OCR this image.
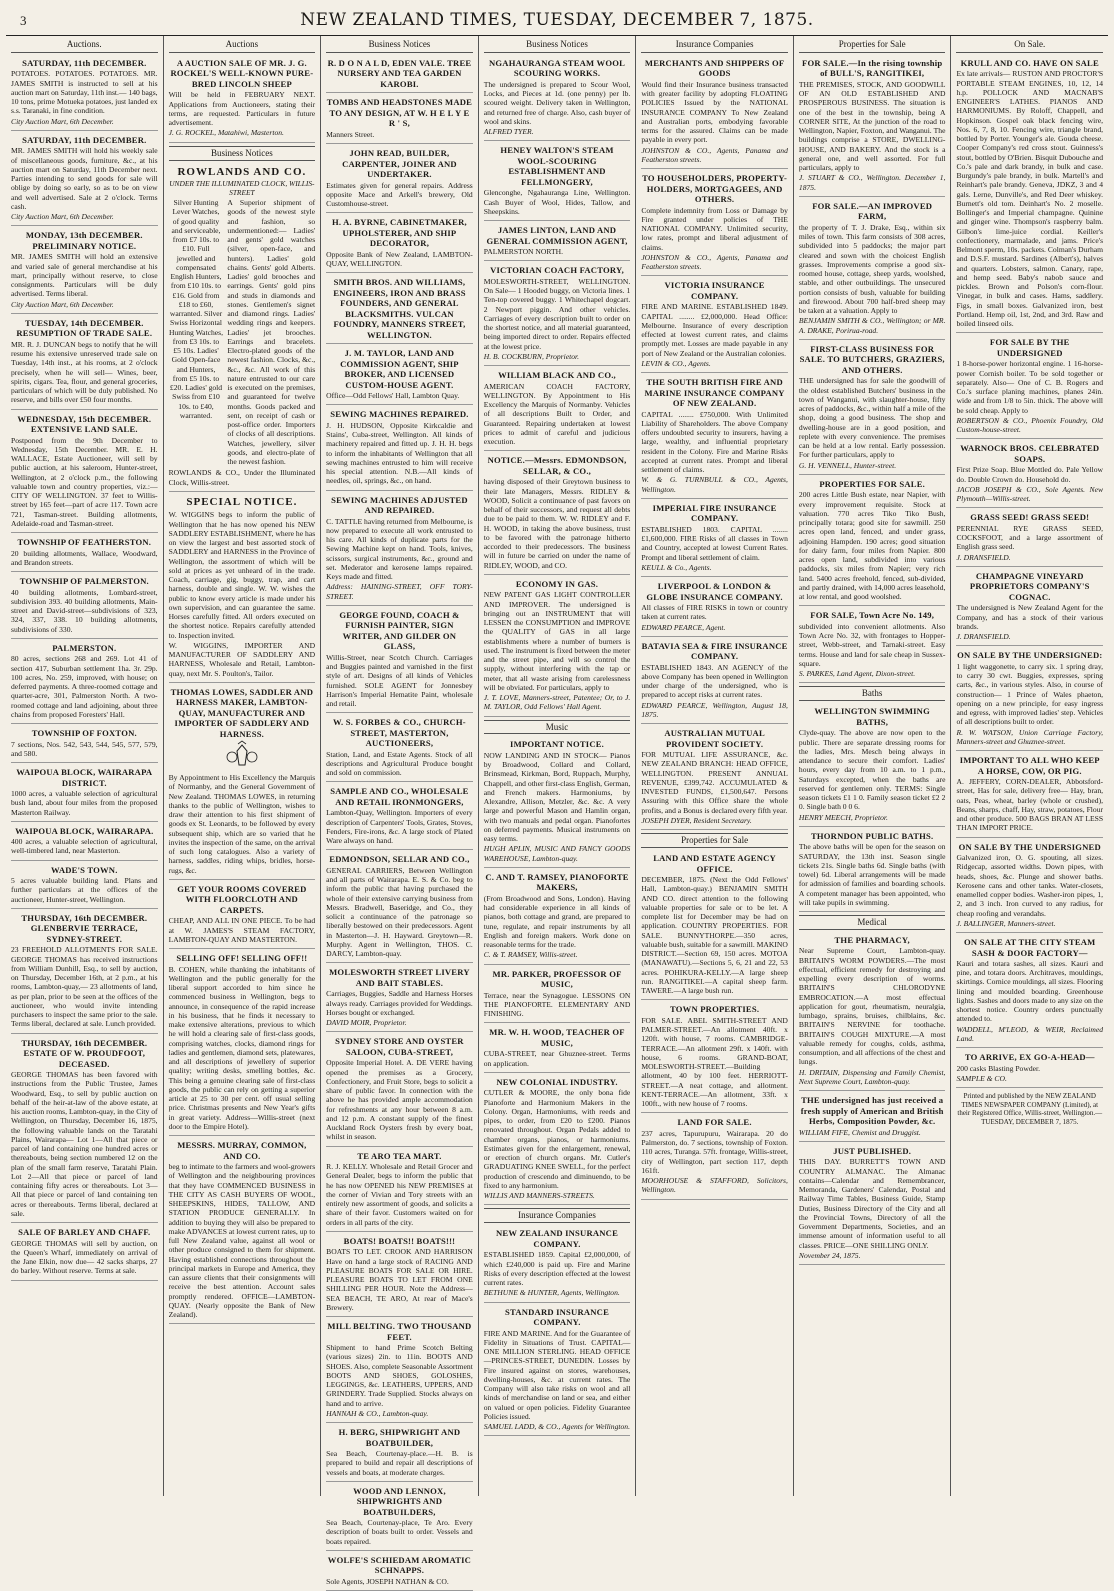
3	NEW ZEALAND TIMES, TUESDAY, DECEMBER 7, 1875.
Auctions.
SATURDAY, 11th DECEMBER.

POTATOES. POTATOES. POTATOES. MR. JAMES SMITH is instructed to sell at his auction mart on Saturday, 11th inst.— 140 bags, 10 tons, prime Motueka potatoes, just landed ex s.s. Taranaki, in fine condition.

City Auction Mart, 6th December.

SATURDAY, 11th DECEMBER.

MR. JAMES SMITH will hold his weekly sale of miscellaneous goods, furniture, &c., at his auction mart on Saturday, 11th December next. Parties intending to send goods for sale will oblige by doing so early, so as to be on view and well advertised. Sale at 2 o'clock. Terms cash.

City Auction Mart, 6th December.

MONDAY, 13th DECEMBER. PRELIMINARY NOTICE.

MR. JAMES SMITH will hold an extensive and varied sale of general merchandise at his mart, principally without reserve, to close consignments. Particulars will be duly advertised. Terms liberal.

City Auction Mart, 6th December.

TUESDAY, 14th DECEMBER. RESUMPTION OF TRADE SALE.

MR. R. J. DUNCAN begs to notify that he will resume his extensive unreserved trade sale on Tuesday, 14th inst., at his rooms, at 2 o'clock precisely, when he will sell— Wines, beer, spirits, cigars. Tea, flour, and general groceries, particulars of which will be duly published. No reserve, and bills over £50 four months.

WEDNESDAY, 15th DECEMBER. EXTENSIVE LAND SALE.

Postponed from the 9th December to Wednesday, 15th December. MR. E. H. WALLACE, Estate Auctioneer, will sell by public auction, at his saleroom, Hunter-street, Wellington, at 2 o'clock p.m., the following valuable town and country properties, viz.:— CITY OF WELLINGTON. 37 feet to Willis-street by 165 feet—part of acre 117. Town acre 721, Tasman-street. Building allotments, Adelaide-road and Tasman-street.

TOWNSHIP OF FEATHERSTON.

20 building allotments, Wallace, Woodward, and Brandon streets.

TOWNSHIP OF PALMERSTON.

40 building allotments, Lombard-street, subdivision 393. 40 building allotments, Main-street and David-street—subdivisions of 323, 324, 337, 338. 10 building allotments, subdivisions of 330.

PALMERSTON.

80 acres, sections 268 and 269. Lot 41 of section 417, Suburban settlement 1ha. 3r. 29p. 100 acres, No. 259, improved, with house; on deferred payments. A three-roomed cottage and quarter-acre, 301, Palmerston North. A two-roomed cottage and land adjoining, about three chains from proposed Foresters' Hall.

TOWNSHIP OF FOXTON.

7 sections, Nos. 542, 543, 544, 545, 577, 579, and 580.

WAIPOUA BLOCK, WAIRARAPA DISTRICT.

1000 acres, a valuable selection of agricultural bush land, about four miles from the proposed Masterton Railway.

WAIPOUA BLOCK, WAIRARAPA.

400 acres, a valuable selection of agricultural, well-timbered land, near Masterton.

WADE'S TOWN.

5 acres valuable building land. Plans and further particulars at the offices of the auctioneer, Hunter-street, Wellington.

THURSDAY, 16th DECEMBER. GLENBERVIE TERRACE, SYDNEY-STREET.

23 FREEHOLD ALLOTMENTS FOR SALE. GEORGE THOMAS has received instructions from William Dunhill, Esq., to sell by auction, on Thursday, December 16th, at 2 p.m., at his rooms, Lambton-quay,— 23 allotments of land, as per plan, prior to be seen at the offices of the auctioneer, who would invite intending purchasers to inspect the same prior to the sale. Terms liberal, declared at sale. Lunch provided.

THURSDAY, 16th DECEMBER. ESTATE OF W. PROUDFOOT, DECEASED.

GEORGE THOMAS has been favored with instructions from the Public Trustee, James Woodward, Esq., to sell by public auction on behalf of the heir-at-law of the above estate, at his auction rooms, Lambton-quay, in the City of Wellington, on Thursday, December 16, 1875, the following valuable lands on the Taratahi Plains, Wairarapa— Lot 1—All that piece or parcel of land containing one hundred acres or thereabouts, being section numbered 12 on the plan of the small farm reserve, Taratahi Plain. Lot 2—All that piece or parcel of land containing fifty acres or thereabouts. Lot 3—All that piece or parcel of land containing ten acres or thereabouts. Terms liberal, declared at sale.

SALE OF BARLEY AND CHAFF.

GEORGE THOMAS will sell by auction, on the Queen's Wharf, immediately on arrival of the Jane Elkin, now due— 42 sacks sharps, 27 do barley. Without reserve. Terms at sale.

Auctions
A AUCTION SALE OF MR. J. G. ROCKEL'S WELL-KNOWN PURE-BRED LINCOLN SHEEP

Will be held in FEBRUARY NEXT. Applications from Auctioneers, stating their terms, are requested. Particulars in future advertisement.

J. G. ROCKEL, Matahiwi, Masterton.

Business Notices
ROWLANDS AND CO.
UNDER THE ILLUMINATED CLOCK, WILLIS-STREET

Silver Hunting Lever Watches, of good quality and serviceable, from £7 10s. to £10. Full jewelled and compensated English Hunters, from £10 10s. to £16. Gold from £18 to £60, warranted. Silver Swiss Horizontal Hunting Watches, from £3 10s. to £5 10s. Ladies' Gold Open-face and Hunters, from £5 10s. to £20. Ladies' gold Swiss from £10 10s. to £40, warranted.

A Superior shipment of goods of the newest style and fashion, so undermentioned:— Ladies' and gents' gold watches (silver, open-face, and hunters). Ladies' gold chains. Gents' gold Alberts. Ladies' gold brooches and earrings. Gents' gold pins and studs in diamonds and stones. Gentlemen's signet and diamond rings. Ladies' wedding rings and keepers. Ladies' jet brooches. Earrings and bracelets. Electro-plated goods of the newest fashion. Clocks, &c., &c., &c. All work of this nature entrusted to our care is executed on the premises, and guaranteed for twelve months. Goods packed and sent, on receipt of cash or post-office order. Importers of clocks of all descriptions. Watches, jewellery, silver goods, and electro-plate of the newest fashion.

ROWLANDS & CO., Under the Illuminated Clock, Willis-street.

SPECIAL NOTICE.

W. WIGGINS begs to inform the public of Wellington that he has now opened his NEW SADDLERY ESTABLISHMENT, where he has on view the largest and best assorted stock of SADDLERY and HARNESS in the Province of Wellington, the assortment of which will be sold at prices as yet unheard of in the trade. Coach, carriage, gig, buggy, trap, and cart harness, double and single. W. W. wishes the public to know every article is made under his own supervision, and can guarantee the same. Horses carefully fitted. All orders executed on the shortest notice. Repairs carefully attended to. Inspection invited.

W. WIGGINS, IMPORTER AND MANUFACTURER OF SADDLERY AND HARNESS, Wholesale and Retail, Lambton-quay, next Mr. S. Poulton's, Tailor.

THOMAS LOWES, SADDLER AND HARNESS MAKER, LAMBTON-QUAY, MANUFACTURER AND IMPORTER OF SADDLERY AND HARNESS.

By Appointment to His Excellency the Marquis of Normanby, and the General Government of New Zealand. THOMAS LOWES, in returning thanks to the public of Wellington, wishes to draw their attention to his first shipment of goods ex St. Leonards, to be followed by every subsequent ship, which are so varied that he invites the inspection of the same, on the arrival of such long catalogues. Also a variety of harness, saddles, riding whips, bridles, horse-rugs, &c.

GET YOUR ROOMS COVERED WITH FLOORCLOTH AND CARPETS.

CHEAP, AND ALL IN ONE PIECE. To be had at W. JAMES'S STEAM FACTORY, LAMBTON-QUAY AND MASTERTON.

SELLING OFF! SELLING OFF!!

B. COHEN, while thanking the inhabitants of Wellington and the public generally for the liberal support accorded to him since he commenced business in Wellington, begs to announce, in consequence of the rapid increase in his business, that he finds it necessary to make extensive alterations, previous to which he will hold a clearing sale of first-class goods, comprising watches, clocks, diamond rings for ladies and gentlemen, diamond sets, platewares, and all descriptions of jewellery of superior quality; writing desks, smelling bottles, &c. This being a genuine clearing sale of first-class goods, the public can rely on getting a superior article at 25 to 30 per cent. off usual selling price. Christmas presents and New Year's gifts in great variety. Address—Willis-street (next door to the Empire Hotel).

MESSRS. MURRAY, COMMON, AND CO.

beg to intimate to the farmers and wool-growers of Wellington and the neighbouring provinces that they have COMMENCED BUSINESS in THE CITY AS CASH BUYERS OF WOOL, SHEEPSKINS, HIDES, TALLOW, AND STATION PRODUCE GENERALLY. In addition to buying they will also be prepared to make ADVANCES at lowest current rates, up to full New Zealand value, against all wool or other produce consigned to them for shipment. Having established connections throughout the principal markets in Europe and America, they can assure clients that their consignments will receive the best attention. Account sales promptly rendered. OFFICE—LAMBTON-QUAY. (Nearly opposite the Bank of New Zealand).

Business Notices
R. D O N A L D, EDEN VALE. TREE NURSERY AND TEA GARDEN KAROBI.
TOMBS AND HEADSTONES MADE TO ANY DESIGN, AT W. H E L Y E R ' S,

Manners Street.

JOHN READ, BUILDER, CARPENTER, JOINER AND UNDERTAKER.

Estimates given for general repairs. Address opposite Mace and Arkell's brewery, Old Customhouse-street.

H. A. BYRNE, CABINETMAKER, UPHOLSTERER, AND SHIP DECORATOR,

Opposite Bank of New Zealand, LAMBTON-QUAY, WELLINGTON.

SMITH BROS. AND WILLIAMS, ENGINEERS, IRON AND BRASS FOUNDERS, AND GENERAL BLACKSMITHS. VULCAN FOUNDRY, MANNERS STREET, WELLINGTON.
J. M. TAYLOR, LAND AND COMMISSION AGENT, SHIP BROKER, AND LICENSED CUSTOM-HOUSE AGENT.

Office—Odd Fellows' Hall, Lambton Quay.

SEWING MACHINES REPAIRED.

J. H. HUDSON, Opposite Kirkcaldie and Stains', Cuba-street, Wellington. All kinds of machinery repaired and fitted up. J. H. H. begs to inform the inhabitants of Wellington that all sewing machines entrusted to him will receive his special attention. N.B.—All kinds of needles, oil, springs, &c., on hand.

SEWING MACHINES ADJUSTED AND REPAIRED.

C. TATTLE having returned from Melbourne, is now prepared to execute all work entrusted to his care. All kinds of duplicate parts for the Sewing Machine kept on hand. Tools, knives, scissors, surgical instruments, &c., ground and set. Mederator and kerosene lamps repaired. Keys made and fitted.

Address: HAINING-STREET, OFF TORY-STREET.

GEORGE FOUND, COACH & FURNISH PAINTER, SIGN WRITER, AND GILDER ON GLASS,

Willis-Street, near Scotch Church. Carriages and Buggies painted and varnished in the first style of art. Designs of all kinds of Vehicles furnished. SOLE AGENT for Jonnesbey Harrison's Imperial Hematite Paint, wholesale and retail.

W. S. FORBES & CO., CHURCH-STREET, MASTERTON, AUCTIONEERS,

Station, Land, and Estate Agents. Stock of all descriptions and Agricultural Produce bought and sold on commission.

SAMPLE AND CO., WHOLESALE AND RETAIL IRONMONGERS,

Lambton-Quay, Wellington. Importers of every description of Carpenters' Tools, Grates, Stoves, Fenders, Fire-irons, &c. A large stock of Plated Ware always on hand.

EDMONDSON, SELLAR AND CO.,

GENERAL CARRIERS, Between Wellington and all parts of Wairarapa. E. S. & Co. beg to inform the public that having purchased the whole of their extensive carrying business from Messrs. Bradwell, Baseridge, and Co., they solicit a continuance of the patronage so liberally bestowed on their predecessors. Agent in Masterton—J. H. Hayward. Greytown—R. Murphy. Agent in Wellington, THOS. C. DARCY, Lambton-quay.

MOLESWORTH STREET LIVERY AND BAIT STABLES.

Carriages, Buggies, Saddle and Harness Horses always ready. Carriages provided for Weddings. Horses bought or exchanged.

DAVID MOIR, Proprietor.

SYDNEY STORE AND OYSTER SALOON, CUBA-STREET,

Opposite Imperial Hotel. A. DE VERE having opened the premises as a Grocery, Confectionery, and Fruit Store, begs to solicit a share of public favor. In connection with the above he has provided ample accommodation for refreshments at any hour between 8 a.m. and 12 p.m. A constant supply of the finest Auckland Rock Oysters fresh by every boat, whilst in season.

TE ARO TEA MART.

R. J. KELLY. Wholesale and Retail Grocer and General Dealer, begs to inform the public that he has now OPENED his NEW PREMISES at the corner of Vivian and Tory streets with an entirely new assortment of goods, and solicits a share of their favor. Customers waited on for orders in all parts of the city.

BOATS! BOATS!! BOATS!!!

BOATS TO LET. CROOK AND HARRISON Have on hand a large stock of RACING AND PLEASURE BOATS FOR SALE OR HIRE. PLEASURE BOATS TO LET FROM ONE SHILLING PER HOUR. Note the Address— SEA BEACH, TE ARO, At rear of Mace's Brewery.

MILL BELTING. TWO THOUSAND FEET.

Shipment to hand Prime Scotch Belting (various sizes) 2in. to 11in. BOOTS AND SHOES. Also, complete Seasonable Assortment BOOTS AND SHOES, GOLOSHES, LEGGINGS, &c. LEATHERS, UPPERS, AND GRINDERY. Trade Supplied. Stocks always on hand and to arrive.

HANNAH & CO., Lambton-quay.

H. BERG, SHIPWRIGHT AND BOATBUILDER,

Sea Beach, Courtenay-place.—H. B. is prepared to build and repair all descriptions of vessels and boats, at moderate charges.

WOOD AND LENNOX, SHIPWRIGHTS AND BOATBUILDERS,

Sea Beach, Courtenay-place, Te Aro. Every description of boats built to order. Vessels and boats repaired.

WOLFE'S SCHIEDAM AROMATIC SCHNAPPS.

Sole Agents, JOSEPH NATHAN & CO.

Business Notices
NGAHAURANGA STEAM WOOL SCOURING WORKS.

The undersigned is prepared to Scour Wool, Locks, and Pieces at 1d. (one penny) per lb. scoured weight. Delivery taken in Wellington, and returned free of charge. Also, cash buyer of wool and skins.

ALFRED TYER.

HENEY WALTON'S STEAM WOOL-SCOURING ESTABLISHMENT AND FELLMONGERY,

Glenconghe, Ngahauranga Line, Wellington. Cash Buyer of Wool, Hides, Tallow, and Sheepskins.

JAMES LINTON, LAND AND GENERAL COMMISSION AGENT,

PALMERSTON NORTH.

VICTORIAN COACH FACTORY,

MOLESWORTH-STREET, WELLINGTON. On Sale— 1 Hooded buggy, on Victoria lines. 1 Ten-top covered buggy. 1 Whitechapel dogcart. 2 Newport piggin. And other vehicles. Carriages of every description built to order on the shortest notice, and all material guaranteed, being imported direct to order. Repairs effected at the lowest price.

H. B. COCKBURN, Proprietor.

WILLIAM BLACK AND CO.,

AMERICAN COACH FACTORY, WELLINGTON. By Appointment to His Excellency the Marquis of Normanby. Vehicles of all descriptions Built to Order, and Guaranteed. Repairing undertaken at lowest prices to admit of careful and judicious execution.

NOTICE.—Messrs. EDMONDSON, SELLAR, & CO.,

having disposed of their Greytown business to their late Managers, Messrs. RIDLEY & WOOD, Solicit a continuance of past favors on behalf of their successors, and request all debts due to be paid to them. W. W. RIDLEY and F. H. WOOD, in taking the above business, trust to be favored with the patronage hitherto accorded to their predecessors. The business will in future be carried on under the name of RIDLEY, WOOD, and CO.

ECONOMY IN GAS.

NEW PATENT GAS LIGHT CONTROLLER AND IMPROVER. The undersigned is bringing out an INSTRUMENT that will LESSEN the CONSUMPTION and IMPROVE the QUALITY of GAS in all large establishments where a number of burners is used. The instrument is fixed between the meter and the street pipe, and will so control the supply, without interfering with the tap or meter, that all waste arising from carelessness will be obviated. For particulars, apply to

J. T. LOVE, Manners-street, Patentee; Or, to J. M. TAYLOR, Odd Fellows' Hall Agent.

Music
IMPORTANT NOTICE.

NOW LANDING AND IN STOCK— Pianos by Broadwood, Collard and Collard, Brinsmead, Kirkman, Bord, Ruppach, Murphy, Chappell, and other first-class English, German, and French makers. Harmoniums, by Alexandre, Allison, Metzler, &c. &c. A very large and powerful Mason and Hamlin organ, with two manuals and pedal organ. Pianofortes on deferred payments. Musical instruments on easy terms.

HUGH APLIN, MUSIC AND FANCY GOODS WAREHOUSE, Lambton-quay.

C. AND T. RAMSEY, PIANOFORTE MAKERS,

(From Broadwood and Sons, London). Having had considerable experience in all kinds of pianos, both cottage and grand, are prepared to tune, regulate, and repair instruments by all English and foreign makers. Work done on reasonable terms for the trade.

C. & T. RAMSEY, Willis-street.

MR. PARKER, PROFESSOR OF MUSIC,

Terrace, near the Synagogue. LESSONS ON THE PIANOFORTE. ELEMENTARY AND FINISHING.

MR. W. H. WOOD, TEACHER OF MUSIC,

CUBA-STREET, near Ghuznee-street. Terms on application.

NEW COLONIAL INDUSTRY.

CUTLER & MOORE, the only bona fide Pianoforte and Harmonium Makers in the Colony. Organ, Harmoniums, with reeds and pipes, to order, from £20 to £200. Pianos renovated throughout. Organ Pedals added to chamber organs, pianos, or harmoniums. Estimates given for the enlargement, renewal, or erection of church organs. Mr. Cutler's GRADUATING KNEE SWELL, for the perfect production of crescendo and diminuendo, to be fixed to any harmonium.

WILLIS AND MANNERS-STREETS.

Insurance Companies
NEW ZEALAND INSURANCE COMPANY.

ESTABLISHED 1859. Capital £2,000,000, of which £240,000 is paid up. Fire and Marine Risks of every description effected at the lowest current rates.

BETHUNE & HUNTER, Agents, Wellington.

STANDARD INSURANCE COMPANY.

FIRE AND MARINE. And for the Guarantee of Fidelity in Situations of Trust. CAPITAL—ONE MILLION STERLING. HEAD OFFICE—PRINCES-STREET, DUNEDIN. Losses by Fire insured against on stores, warehouses, dwelling-houses, &c. at current rates. The Company will also take risks on wool and all kinds of merchandise on land or sea, and either on valued or open policies. Fidelity Guarantee Policies issued.

SAMUEL LADD, & CO., Agents for Wellington.

Insurance Companies
MERCHANTS AND SHIPPERS OF GOODS

Would find their Insurance business transacted with greater facility by adopting FLOATING POLICIES Issued by the NATIONAL INSURANCE COMPANY To New Zealand and Australian ports, embodying favorable terms for the assured. Claims can be made payable in every port.

JOHNSTON & CO., Agents, Panama and Featherston streets.

TO HOUSEHOLDERS, PROPERTY-HOLDERS, MORTGAGEES, AND OTHERS.

Complete indemnity from Loss or Damage by Fire granted under policies of THE NATIONAL COMPANY. Unlimited security, low rates, prompt and liberal adjustment of claims.

JOHNSTON & CO., Agents, Panama and Featherston streets.

VICTORIA INSURANCE COMPANY.

FIRE AND MARINE. ESTABLISHED 1849. CAPITAL ........ £2,000,000. Head Office: Melbourne. Insurance of every description effected at lowest current rates, and claims promptly met. Losses are made payable in any port of New Zealand or the Australian colonies.

LEVIN & CO., Agents.

THE SOUTH BRITISH FIRE AND MARINE INSURANCE COMPANY OF NEW ZEALAND.

CAPITAL ........ £750,000. With Unlimited Liability of Shareholders. The above Company offers undoubted security to insurers, having a large, wealthy, and influential proprietary resident in the Colony. Fire and Marine Risks accepted at current rates. Prompt and liberal settlement of claims.

W. & G. TURNBULL & CO., Agents, Wellington.

IMPERIAL FIRE INSURANCE COMPANY.

ESTABLISHED 1803. CAPITAL ........ £1,600,000. FIRE Risks of all classes in Town and Country, accepted at lowest Current Rates. Prompt and liberal settlement of claim.

KEULL & Co., Agents.

LIVERPOOL & LONDON & GLOBE INSURANCE COMPANY.

All classes of FIRE RISKS in town or country taken at current rates.

EDWARD PEARCE, Agent.

BATAVIA SEA & FIRE INSURANCE COMPANY.

ESTABLISHED 1843. AN AGENCY of the above Company has been opened in Wellington under charge of the undersigned, who is prepared to accept risks at current rates.

EDWARD PEARCE, Wellington, August 18, 1875.

AUSTRALIAN MUTUAL PROVIDENT SOCIETY.

FOR MUTUAL LIFE ASSURANCE, &c. NEW ZEALAND BRANCH: HEAD OFFICE, WELLINGTON. PRESENT ANNUAL REVENUE, £399,742. ACCUMULATED & INVESTED FUNDS, £1,500,647. Persons Assuring with this Office share the whole profits, and a Bonus is declared every fifth year.

JOSEPH DYER, Resident Secretary.

Properties for Sale
LAND AND ESTATE AGENCY OFFICE.

DECEMBER, 1875. (Next the Odd Fellows' Hall, Lambton-quay.) BENJAMIN SMITH AND CO. direct attention to the following valuable properties for sale or to be let. A complete list for December may be had on application. COUNTRY PROPERTIES. FOR SALE. BUNNYTHORPE.—350 acres, valuable bush, suitable for a sawmill. MAKINO DISTRICT.—Section 69, 150 acres. MOTOA (MANAWATU).—Sections 5, 6, 21 and 22, 53 acres. POHIKURA-KELLY.—A large sheep run. RANGITIKEI.—A capital sheep farm. TAWERE.—A large bush run.

TOWN PROPERTIES.

FOR SALE. ABEL SMITH-STREET AND PALMER-STREET.—An allotment 40ft. x 120ft. with house, 7 rooms. CAMBRIDGE-TERRACE.—An allotment 29ft. x 140ft. with house, 6 rooms. GRAND-BOAT, MOLESWORTH-STREET.—Building allotment, 40 by 100 feet. HERRIOTT-STREET.—A neat cottage, and allotment. KENT-TERRACE.—An allotment, 33ft. x 100ft., with new house of 7 rooms.

LAND FOR SALE.

237 acres, Tapurupuru, Wairarapa. 20 do Palmerston, do. 7 sections, township of Foxton. 110 acres, Turanga. 57ft. frontage, Willis-street, city of Wellington, part section 117, depth 161ft.

MOORHOUSE & STAFFORD, Solicitors, Wellington.

Properties for Sale
FOR SALE.—In the rising township of BULL'S, RANGITIKEI,

THE PREMISES, STOCK, AND GOODWILL OF AN OLD ESTABLISHED AND PROSPEROUS BUSINESS. The situation is one of the best in the township, being A CORNER SITE, At the junction of the road to Wellington, Napier, Foxton, and Wanganui. The buildings comprise a STORE, DWELLING-HOUSE, AND BAKERY. And the stock is a general one, and well assorted. For full particulars, apply to

J. STUART & CO., Wellington. December 1, 1875.

FOR SALE.—AN IMPROVED FARM,

the property of T. J. Drake, Esq., within six miles of town. This farm consists of 308 acres, subdivided into 5 paddocks; the major part cleared and sown with the choicest English grasses. Improvements comprise a good six-roomed house, cottage, sheep yards, woolshed, stable, and other outbuildings. The unsecured portion consists of bush, valuable for building and firewood. About 700 half-bred sheep may be taken at a valuation. Apply to

BENJAMIN SMITH & CO., Wellington; or MR. A. DRAKE, Porirua-road.

FIRST-CLASS BUSINESS FOR SALE. TO BUTCHERS, GRAZIERS, AND OTHERS.

THE undersigned has for sale the goodwill of the oldest established Butchers' business in the town of Wanganui, with slaughter-house, fifty acres of paddocks, &c., within half a mile of the shop, doing a good business. The shop and dwelling-house are in a good position, and replete with every convenience. The premises can be held at a low rental. Early possession. For further particulars, apply to

G. H. VENNELL, Hunter-street.

PROPERTIES FOR SALE.

200 acres Little Bush estate, near Napier, with every improvement requisite. Stock at valuation. 770 acres Tiko Tiko Bush, principally totara; good site for sawmill. 250 acres open land, fenced, and under grass, adjoining Hampden. 190 acres; good situation for dairy farm, four miles from Napier. 800 acres open land, subdivided into various paddocks, six miles from Napier; very rich land. 5400 acres freehold, fenced, sub-divided, and partly drained, with 14,000 acres leasehold, at low rental, and good woolshed.

FOR SALE, Town Acre No. 149,

subdivided into convenient allotments. Also Town Acre No. 32, with frontages to Hopper-street, Webb-street, and Tarnaki-street. Easy terms. House and land for sale cheap in Sussex-square.

S. PARKES, Land Agent, Dixon-street.

Baths
WELLINGTON SWIMMING BATHS,

Clyde-quay. The above are now open to the public. There are separate dressing rooms for the ladies, Mrs. Mesch being always in attendance to secure their comfort. Ladies' hours, every day from 10 a.m. to 1 p.m., Saturdays excepted, when the baths are reserved for gentlemen only. TERMS: Single season tickets £1 1 0. Family season ticket £2 2 0. Single bath 0 0 6.

HENRY MEECH, Proprietor.

THORNDON PUBLIC BATHS.

The above baths will be open for the season on SATURDAY, the 13th inst. Season single tickets 21s. Single baths 6d. Single baths (with towel) 6d. Liberal arrangements will be made for admission of families and boarding schools. A competent manager has been appointed, who will take pupils in swimming.

Medical
THE PHARMACY,

Near Supreme Court, Lambton-quay. BRITAIN'S WORM POWDERS.—The most effectual, efficient remedy for destroying and expelling every description of worms. BRITAIN'S CHLORODYNE EMBROCATION.—A most effectual application for gout, rheumatism, neuralgia, lumbago, sprains, bruises, chilblains, &c. BRITAIN'S NERVINE for toothache. BRITAIN'S COUGH MIXTURE.—A most valuable remedy for coughs, colds, asthma, consumption, and all affections of the chest and lungs.

H. DRITAIN, Dispensing and Family Chemist, Next Supreme Court, Lambton-quay.

THE undersigned has just received a fresh supply of American and British Herbs, Composition Powder, &c.

WILLIAM FIFE, Chemist and Druggist.

JUST PUBLISHED.

THIS DAY. BURRETT'S TOWN AND COUNTRY ALMANAC. The Almanac contains—Calendar and Remembrancer, Memoranda, Gardeners' Calendar, Postal and Railway Time Tables, Business Guide, Stamp Duties, Business Directory of the City and all the Provincial Towns, Directory of all the Government Departments, Societies, and an immense amount of information useful to all classes. PRICE—ONE SHILLING ONLY.

November 24, 1875.

On Sale.
KRULL AND CO. HAVE ON SALE

Ex late arrivals— RUSTON AND PROCTOR'S PORTABLE STEAM ENGINES, 10, 12, 14 h.p. POLLOCK AND MACNAB'S ENGINEER'S LATHES. PIANOS AND HARMONIUMS. By Roloff, Chappell, and Hopkinson. Gospel oak black fencing wire, Nos. 6, 7, 8, 10. Fencing wire, triangle brand, bottled by Porter. Younger's ale. Gouda cheese. Cooper Company's red cross stout. Guinness's stout, bottled by O'Brien. Bisquit Dubouche and Co.'s pale and dark brandy, in bulk and case. Burgundy's pale brandy, in bulk. Martell's and Reinhart's pale brandy. Geneva, JDKZ, 3 and 4 gals. Lerne, Dunville's, and Red Deer whiskey. Burnett's old tom. Deinhart's No. 2 moselle. Bollinger's and Imperial champagne. Quinine and ginger wine. Thompson's raspberry balm. Gilbon's lime-juice cordial. Keiller's confectionery, marmalade, and jams. Price's Belmont sperm, 10s. packets. Colman's Durham and D.S.F. mustard. Sardines (Albert's), halves and quarters. Lobsters, salmon. Canary, rape, and hemp seed. Baby's nabob sauce and pickles. Brown and Polson's corn-flour. Vinegar, in bulk and cases. Hams, saddlery. Figs, in small boxes. Galvanized iron, best Portland. Hemp oil, 1st, 2nd, and 3rd. Raw and boiled linseed oils.

FOR SALE BY THE UNDERSIGNED

1 8-horse-power horizontal engine. 1 16-horse-power Cornish boiler. To be sold together or separately. Also— One of C. B. Rogers and Co.'s surface planing machines, planes 24in. wide and from 1/8 to 5in. thick. The above will be sold cheap. Apply to

ROBERTSON & CO., Phoenix Foundry, Old Custom-house-street.

WARNOCK BROS. CELEBRATED SOAPS.

First Prize Soap. Blue Mottled do. Pale Yellow do. Double Crown do. Household do.

JACOB JOSEPH & CO., Sole Agents. New Plymouth—Willis-street.

GRASS SEED! GRASS SEED!

PERENNIAL RYE GRASS SEED, COCKSFOOT, and a large assortment of English grass seed.

J. DRANSFIELD.

CHAMPAGNE VINEYARD PROPRIETORS COMPANY'S COGNAC.

The undersigned is New Zealand Agent for the Company, and has a stock of their various brands.

J. DRANSFIELD.

ON SALE BY THE UNDERSIGNED:

1 light waggonette, to carry six. 1 spring dray, to carry 30 cwt. Buggies, expresses, spring carts, &c., in various styles. Also, in course of construction— 1 Prince of Wales phaeton, opening on a new principle, for easy ingress and egress, with improved ladies' step. Vehicles of all descriptions built to order.

R. W. WATSON, Union Carriage Factory, Manners-street and Ghuznee-street.

IMPORTANT TO ALL WHO KEEP A HORSE, COW, OR PIG.

A. JEFFERY, CORN-DEALER, Abbotsford-street, Has for sale, delivery free— Hay, bran, oats, Peas, wheat, barley (whole or crushed), Beans, sharps, chaff, Hay, straw, potatoes, Flour and other produce. 500 BAGS BRAN AT LESS THAN IMPORT PRICE.

ON SALE BY THE UNDERSIGNED

Galvanized iron, O. G. spouting, all sizes. Ridgecap, assorted widths. Down pipes, with heads, shoes, &c. Plunge and shower baths. Kerosene cans and other tanks. Water-closets, enamelled copper bodies. Washer-iron pipes, 1, 2, and 3 inch. Iron curved to any radius, for cheap roofing and verandahs.

J. BALLINGER, Manners-street.

ON SALE AT THE CITY STEAM SASH & DOOR FACTORY—

Kauri and totara sashes, all sizes. Kauri and pine, and totara doors. Architraves, mouldings, skirtings. Cornice mouldings, all sizes. Flooring lining and moulded boarding. Greenhouse lights. Sashes and doors made to any size on the shortest notice. Country orders punctually attended to.

WADDELL, M'LEOD, & WEIR, Reclaimed Land.

TO ARRIVE, EX GO-A-HEAD—

200 casks Blasting Powder.

SAMPLE & CO.

Printed and published by the NEW ZEALAND TIMES NEWSPAPER COMPANY (Limited), at their Registered Office, Willis-street, Wellington.—TUESDAY, DECEMBER 7, 1875.
